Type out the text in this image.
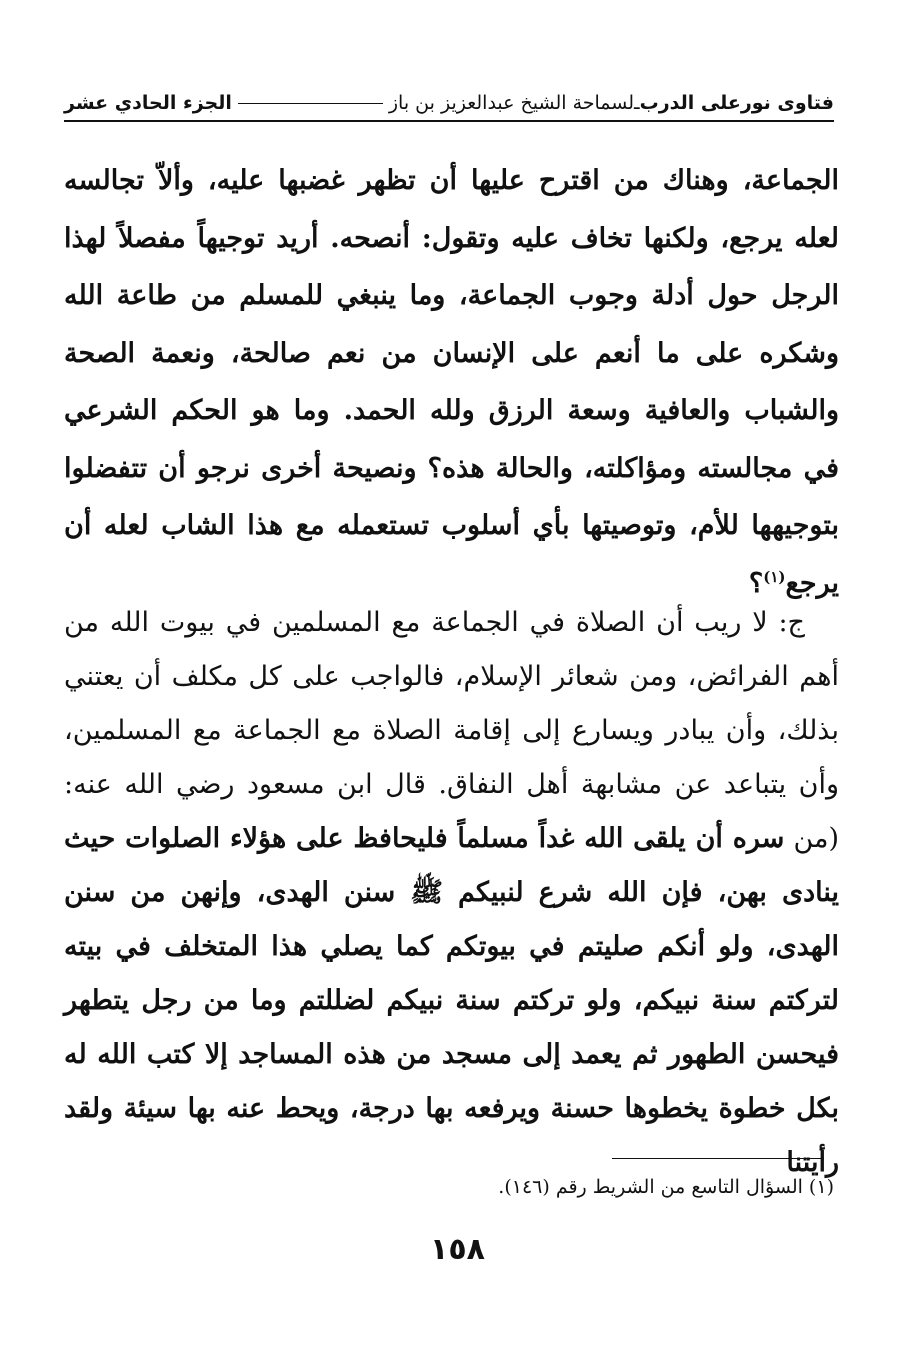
فتاوى نورعلى الدرب
ـ
لسماحة الشيخ عبدالعزيز بن باز
الجزء الحادي عشر
الجماعة، وهناك من اقترح عليها أن تظهر غضبها عليه، وألاّ تجالسه لعله يرجع، ولكنها تخاف عليه وتقول: أنصحه. أريد توجيهاً مفصلاً لهذا الرجل حول أدلة وجوب الجماعة، وما ينبغي للمسلم من طاعة الله وشكره على ما أنعم على الإنسان من نعم صالحة، ونعمة الصحة والشباب والعافية وسعة الرزق ولله الحمد. وما هو الحكم الشرعي في مجالسته ومؤاكلته، والحالة هذه؟ ونصيحة أخرى نرجو أن تتفضلوا بتوجيهها للأم، وتوصيتها بأي أسلوب تستعمله مع هذا الشاب لعله أن يرجع$^{(١)}$؟

ج: لا ريب أن الصلاة في الجماعة مع المسلمين في بيوت الله من أهم الفرائض، ومن شعائر الإسلام، فالواجب على كل مكلف أن يعتني بذلك، وأن يبادر ويسارع إلى إقامة الصلاة مع الجماعة مع المسلمين، وأن يتباعد عن مشابهة أهل النفاق. قال ابن مسعود رضي الله عنه: (من سره أن يلقى الله غداً مسلماً فليحافظ على هؤلاء الصلوات حيث ينادى بهن، فإن الله شرع لنبيكم ﷺ سنن الهدى، وإنهن من سنن الهدى، ولو أنكم صليتم في بيوتكم كما يصلي هذا المتخلف في بيته لتركتم سنة نبيكم، ولو تركتم سنة نبيكم لضللتم وما من رجل يتطهر فيحسن الطهور ثم يعمد إلى مسجد من هذه المساجد إلا كتب الله له بكل خطوة يخطوها حسنة ويرفعه بها درجة، ويحط عنه بها سيئة ولقد رأيتنا

(١) السؤال التاسع من الشريط رقم (١٤٦).
١٥٨
